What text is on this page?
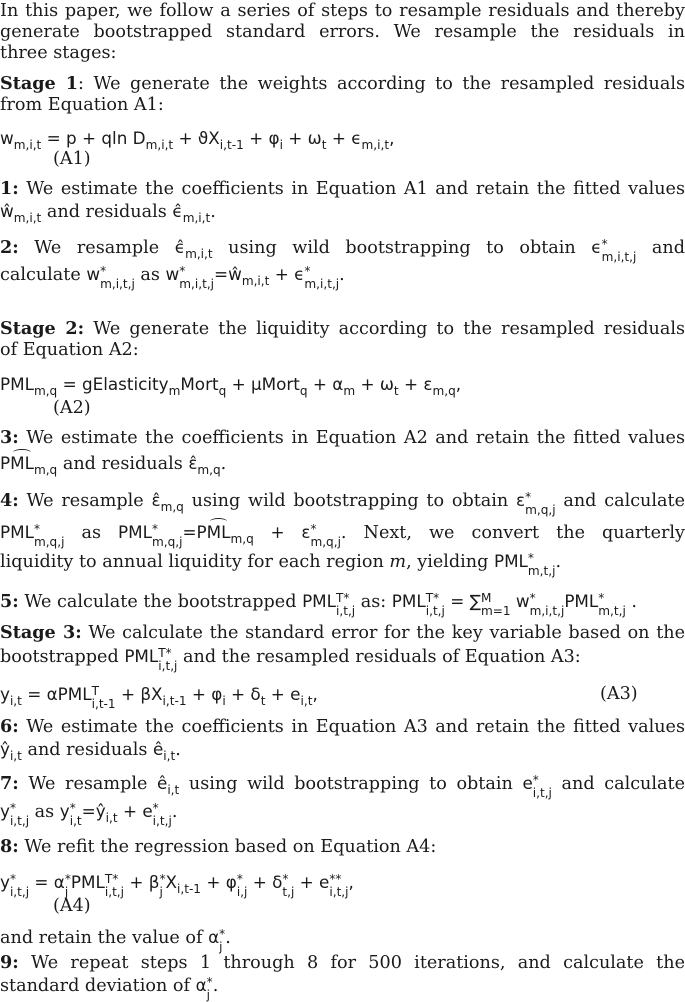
In this paper, we follow a series of steps to resample residuals and thereby
generate bootstrapped standard errors. We resample the residuals in
three stages:
Stage 1: We generate the weights according to the resampled residuals
from Equation A1:
$w_{m,i,t} = p + qln$ $D_{m,i,t} + ϑX_{i,t-1} + \varphi_i + \omega_t + \epsilon_{m,i,t}$,
(A1)
1: We estimate the coefficients in Equation A1 and retain the fitted values
$ŵ_{m,i,t}$ and residuals $\epsilon̂_{m,i,t}$.
2: We resample $\epsilon̂_{m,i,t}$ using wild bootstrapping to obtain ϵ *
m,i,t,j and
calculate w *
m,i,t,j as w *
$m,i,t,j =ŵ_{m,i,t} + \epsilon$ *
m,i,t,j .
Stage 2: We generate the liquidity according to the resampled residuals
of Equation A2:
$PML_{m,q}$ = gElasticity$_m$Mort$_q$ + μMort$_q$ + $\alpha_m + \omega_t + \varepsilon_{m,q}$,
(A2)
3: We estimate the coefficients in Equation A2 and retain the fitted values
$PML_{m,q}$ and residuals $\varepsilon̂_{m,q}$.
4: We resample $\varepsilon̂_{m,q}$ using wild bootstrapping to obtain ε *
m,q,j and calculate
PML *
m,q,j as PML *
$m,q,j =PML_{m,q} + \varepsilon$ *
m,q,j . Next, we convert the quarterly
liquidity to annual liquidity for each region m, yielding PML *
m,t,j .
5: We calculate the bootstrapped PML T*
i,t,j as: PML T*
i,t,j = ∑ M
m=1 w *
m,i,t,j PML *
m,t,j .
Stage 3: We calculate the standard error for the key variable based on the
bootstrapped PML T*
i,t,j and the resampled residuals of Equation A3:
$y_{i,t} = \alpha PML$ T
$i,t-1 + \beta X_{i,t-1} + \varphi_i + \delta_t + e_{i,t}$,	(A3)
6: We estimate the coefficients in Equation A3 and retain the fitted values
$ŷ_{i,t}$ and residuals $ê_{i,t}$.
7: We resample $ê_{i,t}$ using wild bootstrapping to obtain e *
i,t,j and calculate
y *
i,t,j as y *
$i,t =ŷ_{i,t} + e$ *
i,t,j .
8: We refit the regression based on Equation A4:
y *
i,t,j = α *
j PML T*
i,t,j + β *
j $X_{i,t-1} + \varphi$ *
i,j + δ *
t,j + e **
i,t,j ,
(A4)
and retain the value of α *
j .
9: We repeat steps 1 through 8 for 500 iterations, and calculate the
standard deviation of α *
j .
